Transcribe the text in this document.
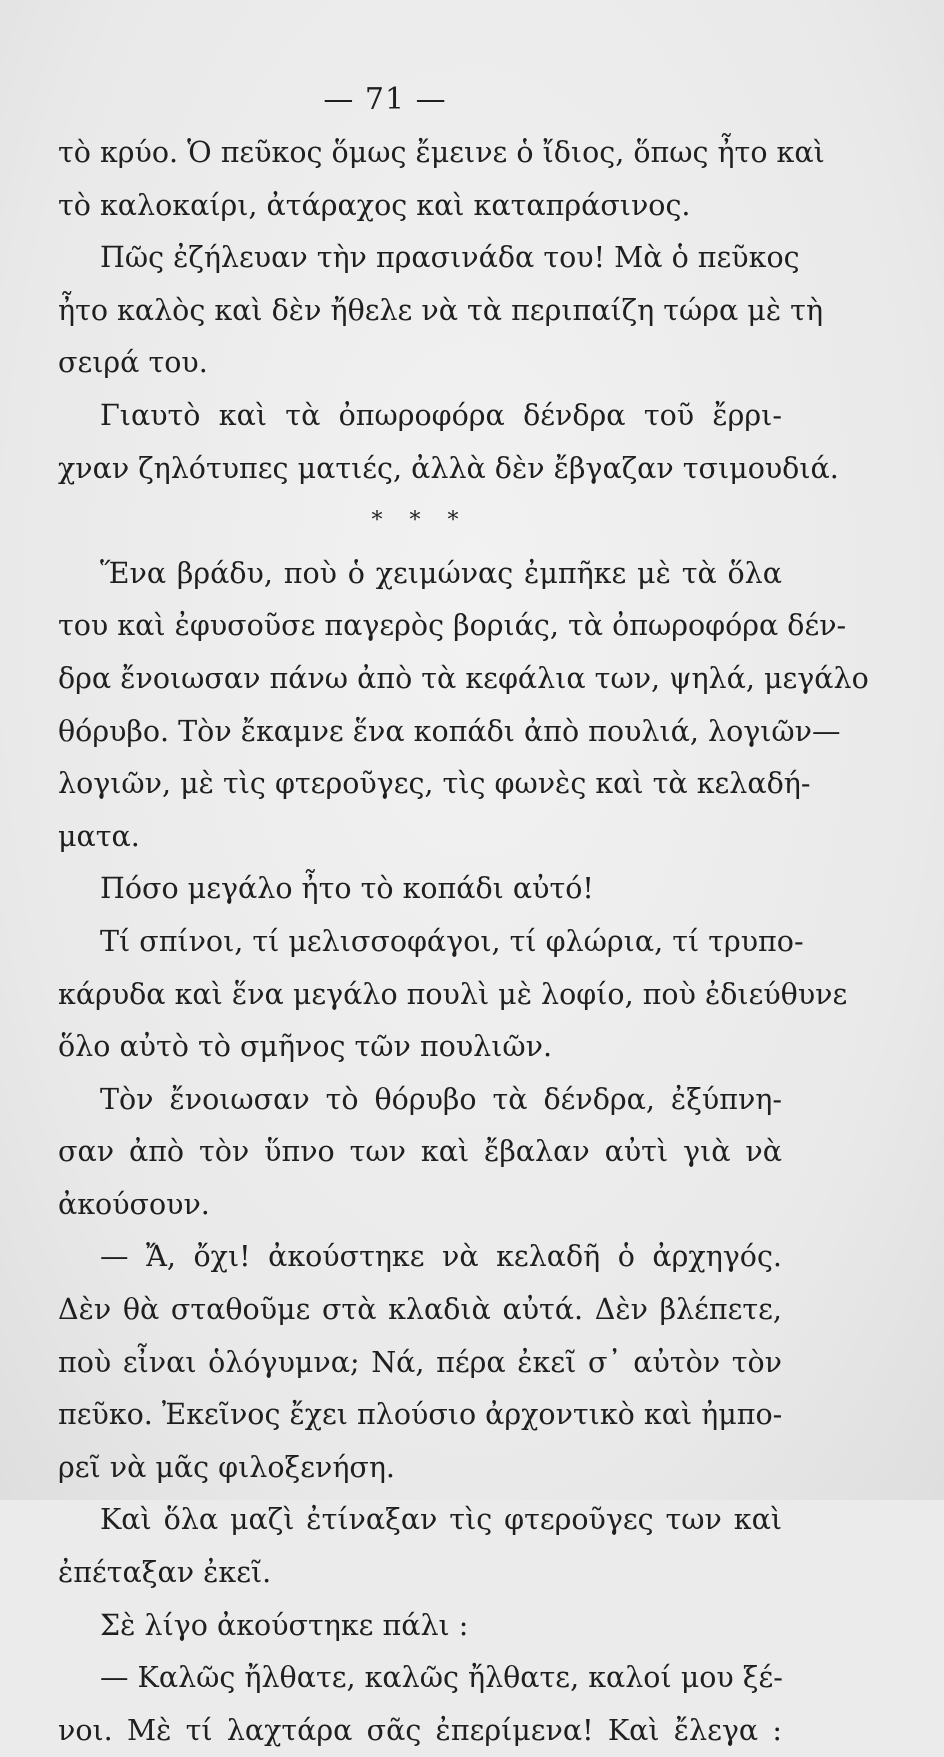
— 71 —
τὸ κρύο. Ὁ πεῦκος ὅμως ἔμεινε ὁ ἴδιος, ὅπως ἦτο καὶ
τὸ καλοκαίρι, ἀτάραχος καὶ καταπράσινος.
Πῶς ἐζήλευαν τὴν πρασινάδα του! Μὰ ὁ πεῦκος
ἦτο καλὸς καὶ δὲν ἤθελε νὰ τὰ περιπαίζη τώρα μὲ τὴ
σειρά του.
Γιαυτὸ καὶ τὰ ὀπωροφόρα δένδρα τοῦ ἔρρι-
χναν ζηλότυπες ματιές, ἀλλὰ δὲν ἔβγαζαν τσιμουδιά.
* * *
Ἕνα βράδυ, ποὺ ὁ χειμώνας ἐμπῆκε μὲ τὰ ὅλα
του καὶ ἐφυσοῦσε παγερὸς βοριάς, τὰ ὀπωροφόρα δέν-
δρα ἔνοιωσαν πάνω ἀπὸ τὰ κεφάλια των, ψηλά, μεγάλο
θόρυβο. Τὸν ἔκαμνε ἕνα κοπάδι ἀπὸ πουλιά, λογιῶν—
λογιῶν, μὲ τὶς φτεροῦγες, τὶς φωνὲς καὶ τὰ κελαδή-
ματα.
Πόσο μεγάλο ἦτο τὸ κοπάδι αὐτό!
Τί σπίνοι, τί μελισσοφάγοι, τί φλώρια, τί τρυπο-
κάρυδα καὶ ἕνα μεγάλο πουλὶ μὲ λοφίο, ποὺ ἐδιεύθυνε
ὅλο αὐτὸ τὸ σμῆνος τῶν πουλιῶν.
Τὸν ἔνοιωσαν τὸ θόρυβο τὰ δένδρα, ἐξύπνη-
σαν ἀπὸ τὸν ὕπνο των καὶ ἔβαλαν αὐτὶ γιὰ νὰ
ἀκούσουν.
— Ἄ, ὄχι! ἀκούστηκε νὰ κελαδῆ ὁ ἀρχηγός.
Δὲν θὰ σταθοῦμε στὰ κλαδιὰ αὐτά. Δὲν βλέπετε,
ποὺ εἶναι ὁλόγυμνα; Νά, πέρα ἐκεῖ σ᾽ αὐτὸν τὸν
πεῦκο. Ἐκεῖνος ἔχει πλούσιο ἀρχοντικὸ καὶ ἠμπο-
ρεῖ νὰ μᾶς φιλοξενήση.
Καὶ ὅλα μαζὶ ἐτίναξαν τὶς φτεροῦγες των καὶ
ἐπέταξαν ἐκεῖ.
Σὲ λίγο ἀκούστηκε πάλι :
— Καλῶς ἤλθατε, καλῶς ἤλθατε, καλοί μου ξέ-
νοι. Μὲ τί λαχτάρα σᾶς ἐπερίμενα! Καὶ ἔλεγα :
